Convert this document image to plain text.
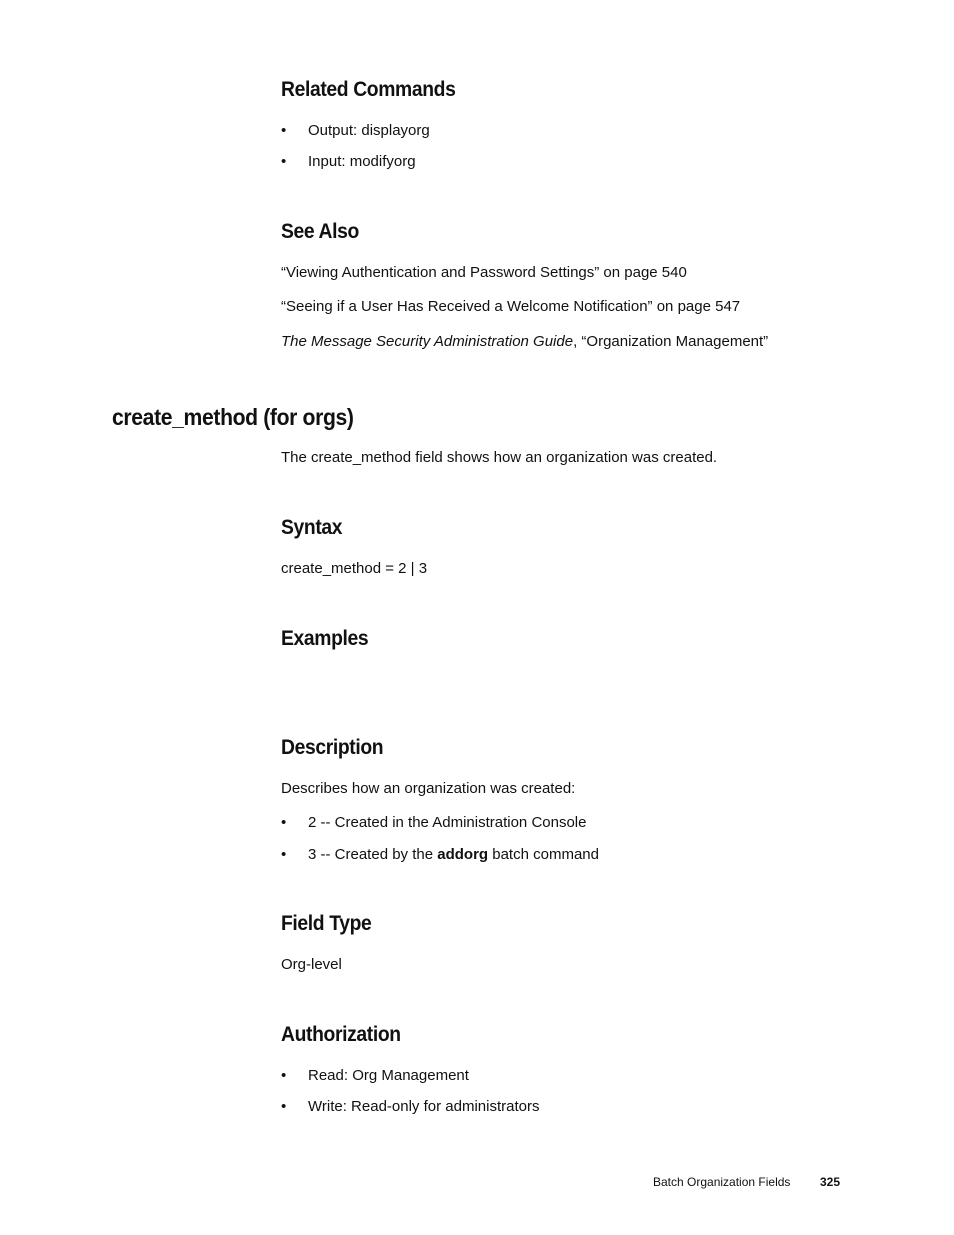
Related Commands
• Output: displayorg
• Input: modifyorg
See Also
“Viewing Authentication and Password Settings” on page 540
“Seeing if a User Has Received a Welcome Notification” on page 547
The Message Security Administration Guide, “Organization Management”
create_method (for orgs)
The create_method field shows how an organization was created.
Syntax
create_method = 2 | 3
Examples
Description
Describes how an organization was created:
• 2 -- Created in the Administration Console
• 3 -- Created by the addorg batch command
Field Type
Org-level
Authorization
• Read: Org Management
• Write: Read-only for administrators
Batch Organization Fields 325
